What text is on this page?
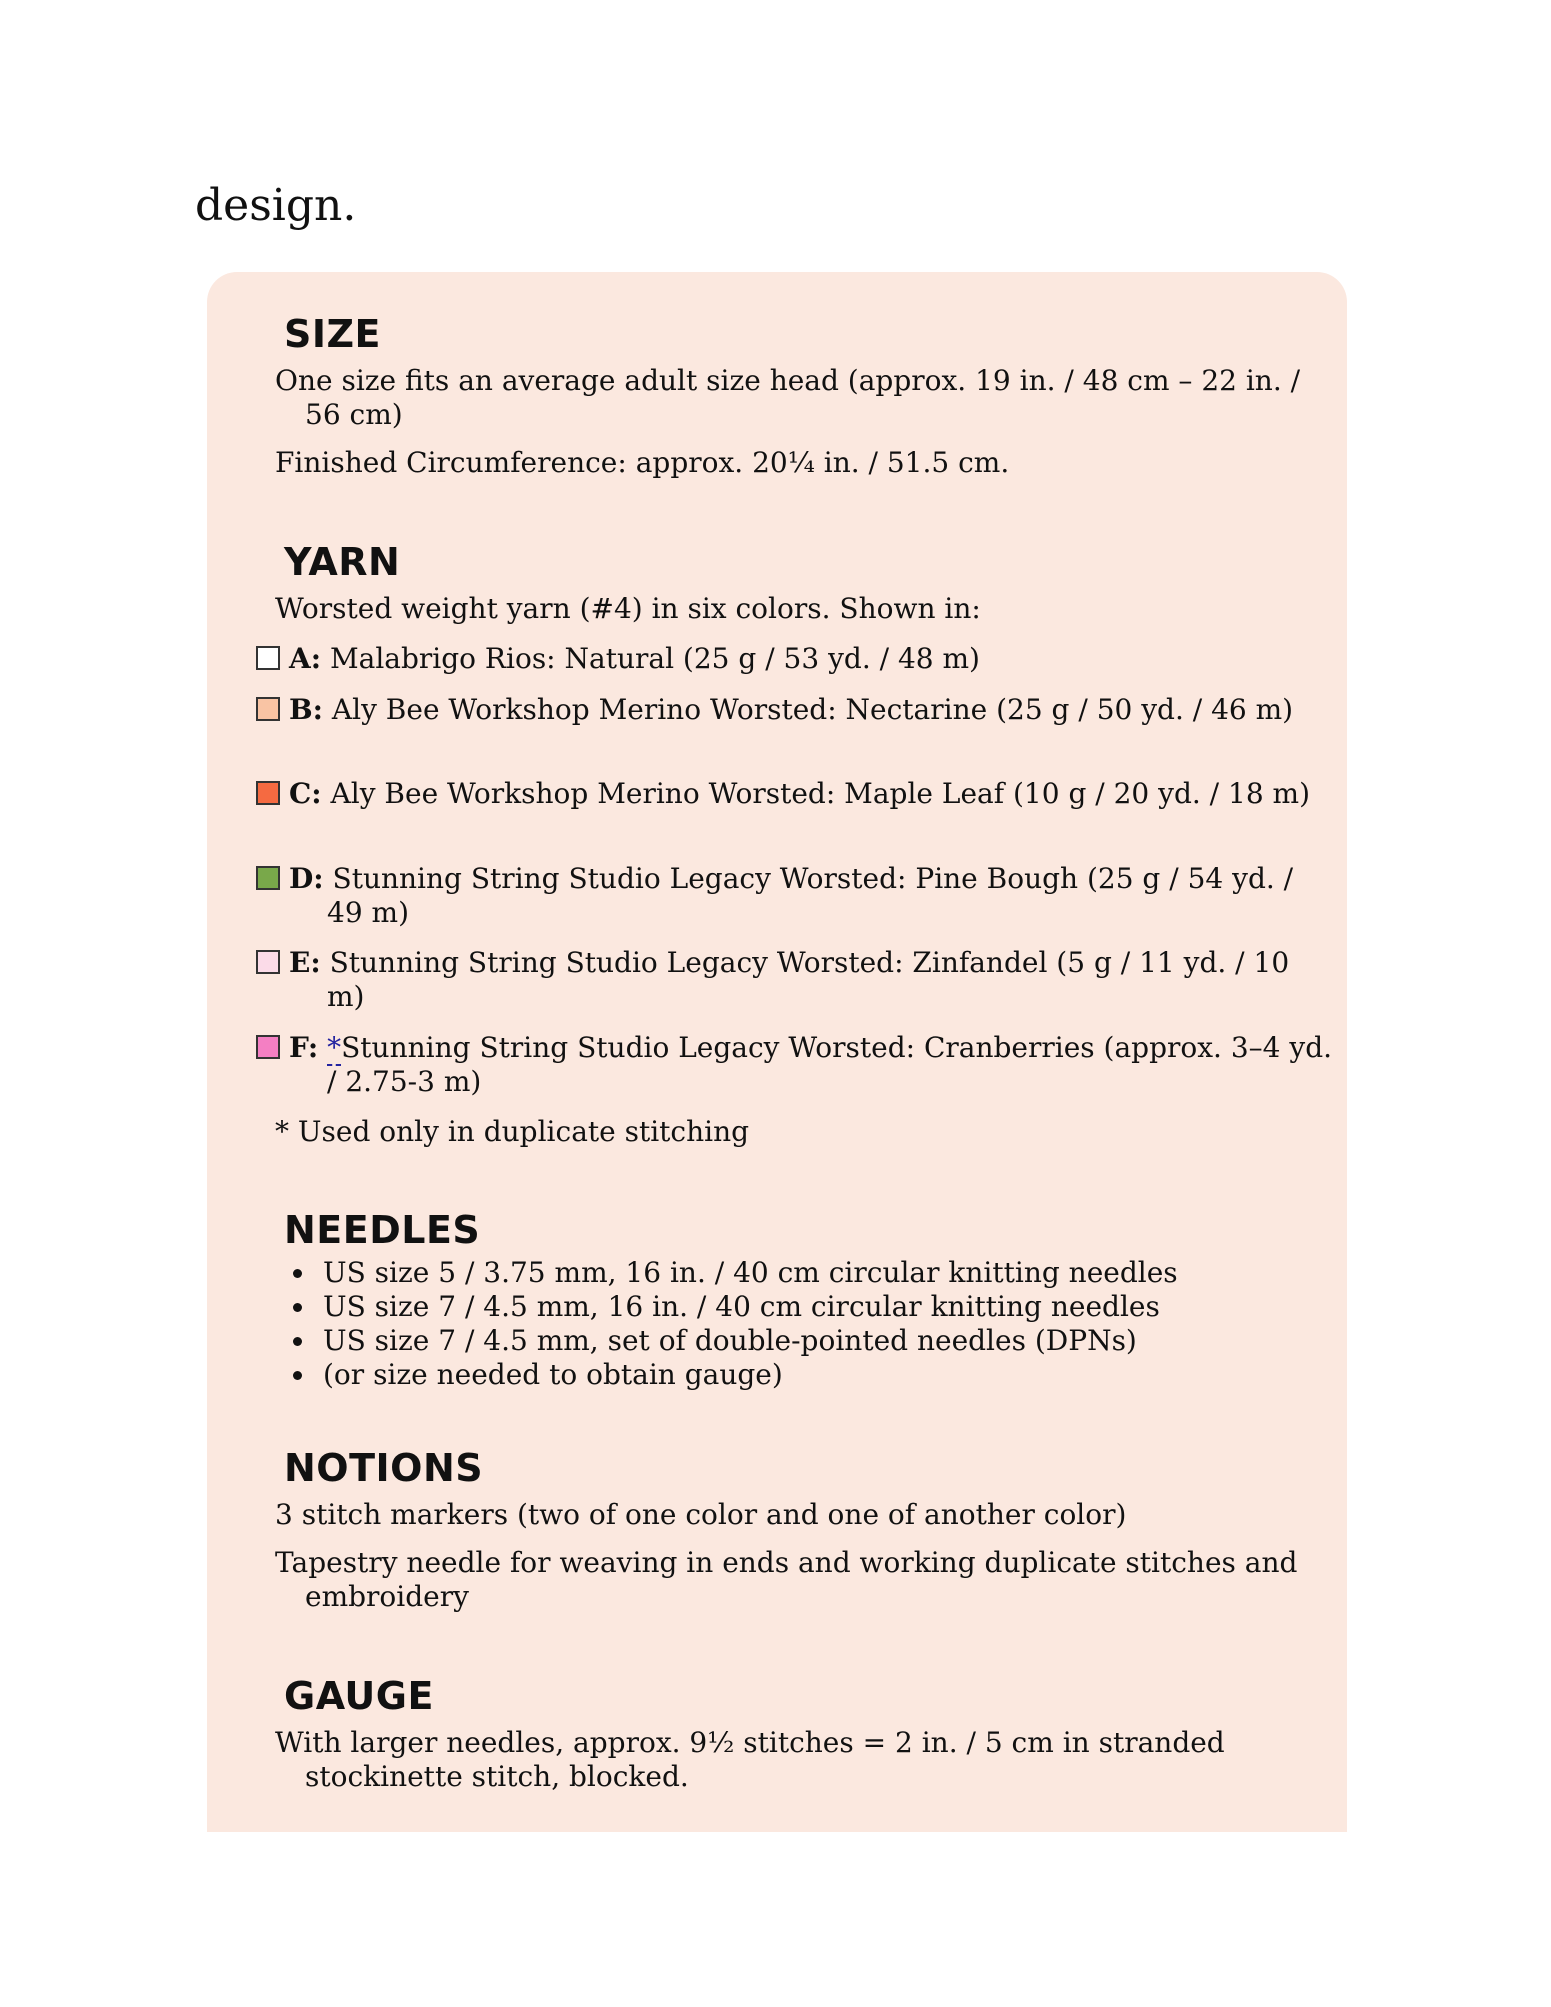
design.

SIZE

One size fits an average adult size head (approx. 19 in. / 48 cm – 22 in. / 56 cm)

Finished Circumference: approx. 20¼ in. / 51.5 cm.

YARN

Worsted weight yarn (#4) in six colors. Shown in:

A: Malabrigo Rios: Natural (25 g / 53 yd. / 48 m)

B: Aly Bee Workshop Merino Worsted: Nectarine (25 g / 50 yd. / 46 m)

C: Aly Bee Workshop Merino Worsted: Maple Leaf (10 g / 20 yd. / 18 m)

D: Stunning String Studio Legacy Worsted: Pine Bough (25 g / 54 yd. / 49 m)

E: Stunning String Studio Legacy Worsted: Zinfandel (5 g / 11 yd. / 10 m)

F: *Stunning String Studio Legacy Worsted: Cranberries (approx. 3–4 yd. / 2.75-3 m)

* Used only in duplicate stitching

NEEDLES
US size 5 / 3.75 mm, 16 in. / 40 cm circular knitting needles
US size 7 / 4.5 mm, 16 in. / 40 cm circular knitting needles
US size 7 / 4.5 mm, set of double-pointed needles (DPNs)
(or size needed to obtain gauge)
NOTIONS

3 stitch markers (two of one color and one of another color)

Tapestry needle for weaving in ends and working duplicate stitches and embroidery

GAUGE

With larger needles, approx. 9½ stitches = 2 in. / 5 cm in stranded stockinette stitch, blocked.
